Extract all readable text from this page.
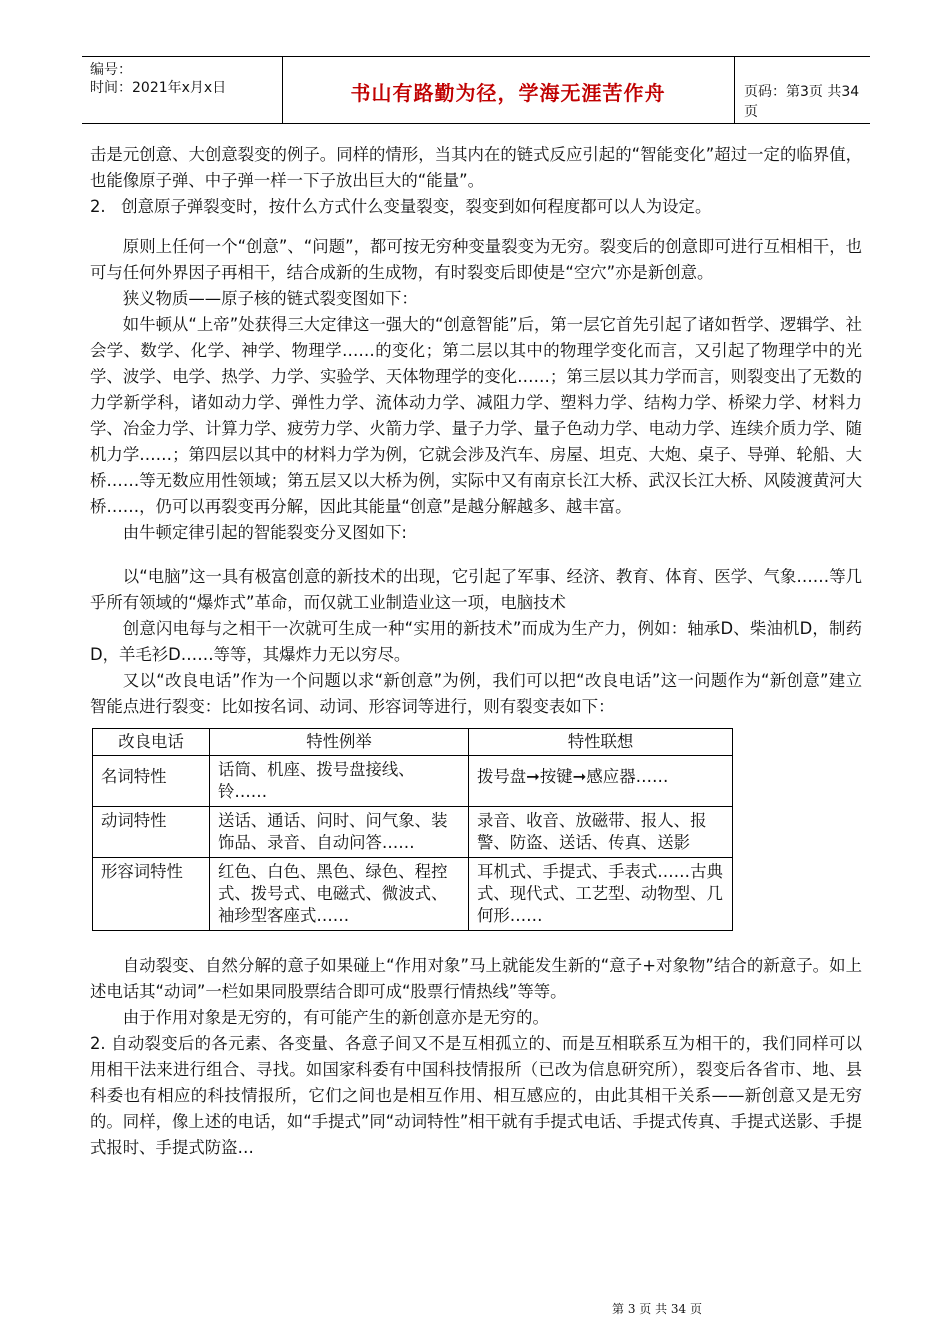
编号：
时间：2021年x月x日	书山有路勤为径，学海无涯苦作舟	页码：第3页 共34页

击是元创意、大创意裂变的例子。同样的情形，当其内在的链式反应引起的“智能变化”超过一定的临界值，也能像原子弹、中子弹一样一下子放出巨大的“能量”。

2.   创意原子弹裂变时，按什么方式什么变量裂变，裂变到如何程度都可以人为设定。

原则上任何一个“创意”、“问题”，都可按无穷种变量裂变为无穷。裂变后的创意即可进行互相相干，也可与任何外界因子再相干，结合成新的生成物，有时裂变后即使是“空穴”亦是新创意。

狭义物质——原子核的链式裂变图如下：

如牛顿从“上帝”处获得三大定律这一强大的“创意智能”后，第一层它首先引起了诸如哲学、逻辑学、社会学、数学、化学、神学、物理学……的变化；第二层以其中的物理学变化而言，又引起了物理学中的光学、波学、电学、热学、力学、实验学、天体物理学的变化……；第三层以其力学而言，则裂变出了无数的力学新学科，诸如动力学、弹性力学、流体动力学、减阻力学、塑料力学、结构力学、桥梁力学、材料力学、冶金力学、计算力学、疲劳力学、火箭力学、量子力学、量子色动力学、电动力学、连续介质力学、随机力学……；第四层以其中的材料力学为例，它就会涉及汽车、房屋、坦克、大炮、桌子、导弹、轮船、大桥……等无数应用性领域；第五层又以大桥为例，实际中又有南京长江大桥、武汉长江大桥、风陵渡黄河大桥……，仍可以再裂变再分解，因此其能量“创意”是越分解越多、越丰富。

由牛顿定律引起的智能裂变分叉图如下:

以“电脑”这一具有极富创意的新技术的出现，它引起了军事、经济、教育、体育、医学、气象……等几乎所有领域的“爆炸式”革命，而仅就工业制造业这一项，电脑技术

创意闪电每与之相干一次就可生成一种“实用的新技术”而成为生产力，例如：轴承D、柴油机D，制药D，羊毛衫D……等等，其爆炸力无以穷尽。

又以“改良电话”作为一个问题以求“新创意”为例，我们可以把“改良电话”这一问题作为“新创意”建立智能点进行裂变：比如按名词、动词、形容词等进行，则有裂变表如下：

改良电话	特性例举	特性联想
名词特性	话筒、机座、拨号盘接线、铃……	拨号盘➞按键➞感应器……
动词特性	送话、通话、问时、问气象、装饰品、录音、自动问答……	录音、收音、放磁带、报人、报警、防盗、送话、传真、送影
形容词特性	红色、白色、黑色、绿色、程控式、拨号式、电磁式、微波式、袖珍型客座式……	耳机式、手提式、手表式……古典式、现代式、工艺型、动物型、几何形……

自动裂变、自然分解的意子如果碰上“作用对象”马上就能发生新的“意子+对象物”结合的新意子。如上述电话其“动词”一栏如果同股票结合即可成“股票行情热线”等等。

由于作用对象是无穷的，有可能产生的新创意亦是无穷的。

2. 自动裂变后的各元素、各变量、各意子间又不是互相孤立的、而是互相联系互为相干的，我们同样可以用相干法来进行组合、寻找。如国家科委有中国科技情报所（已改为信息研究所），裂变后各省市、地、县科委也有相应的科技情报所，它们之间也是相互作用、相互感应的，由此其相干关系——新创意又是无穷的。同样，像上述的电话，如“手提式”同“动词特性”相干就有手提式电话、手提式传真、手提式送影、手提式报时、手提式防盗…

第 3 页 共 34 页
